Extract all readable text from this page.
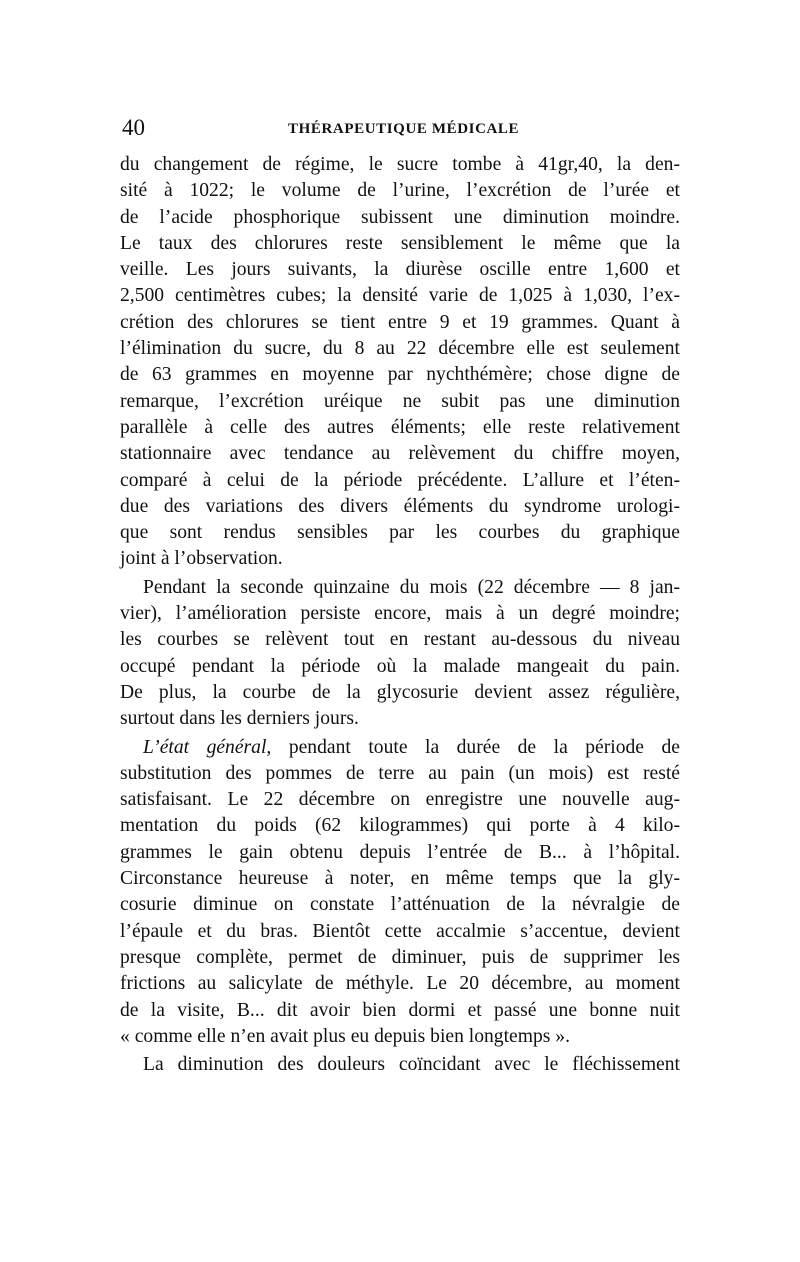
40	THÉRAPEUTIQUE MÉDICALE
du changement de régime, le sucre tombe à 41gr,40, la den-
sité à 1022; le volume de l’urine, l’excrétion de l’urée et
de l’acide phosphorique subissent une diminution moindre.
Le taux des chlorures reste sensiblement le même que la
veille. Les jours suivants, la diurèse oscille entre 1,600 et
2,500 centimètres cubes; la densité varie de 1,025 à 1,030, l’ex-
crétion des chlorures se tient entre 9 et 19 grammes. Quant à
l’élimination du sucre, du 8 au 22 décembre elle est seulement
de 63 grammes en moyenne par nychthémère; chose digne de
remarque, l’excrétion uréique ne subit pas une diminution
parallèle à celle des autres éléments; elle reste relativement
stationnaire avec tendance au relèvement du chiffre moyen,
comparé à celui de la période précédente. L’allure et l’éten-
due des variations des divers éléments du syndrome urologi-
que sont rendus sensibles par les courbes du graphique
joint à l’observation.
Pendant la seconde quinzaine du mois (22 décembre — 8 jan-
vier), l’amélioration persiste encore, mais à un degré moindre;
les courbes se relèvent tout en restant au-dessous du niveau
occupé pendant la période où la malade mangeait du pain.
De plus, la courbe de la glycosurie devient assez régulière,
surtout dans les derniers jours.
L’état général, pendant toute la durée de la période de
substitution des pommes de terre au pain (un mois) est resté
satisfaisant. Le 22 décembre on enregistre une nouvelle aug-
mentation du poids (62 kilogrammes) qui porte à 4 kilo-
grammes le gain obtenu depuis l’entrée de B... à l’hôpital.
Circonstance heureuse à noter, en même temps que la gly-
cosurie diminue on constate l’atténuation de la névralgie de
l’épaule et du bras. Bientôt cette accalmie s’accentue, devient
presque complète, permet de diminuer, puis de supprimer les
frictions au salicylate de méthyle. Le 20 décembre, au moment
de la visite, B... dit avoir bien dormi et passé une bonne nuit
« comme elle n’en avait plus eu depuis bien longtemps ».
La diminution des douleurs coïncidant avec le fléchissement
